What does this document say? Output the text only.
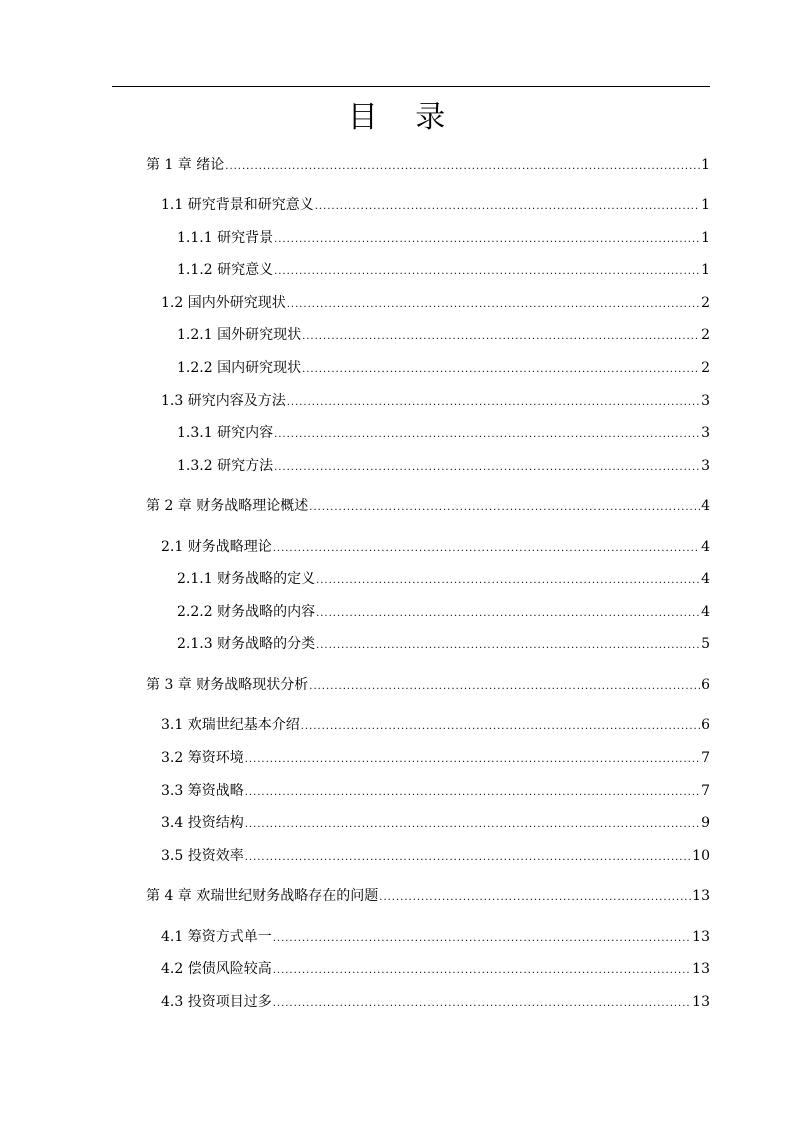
目 录
第 1 章 绪论 .....	1
1.1 研究背景和研究意义 .....	1
1.1.1 研究背景 .....	1
1.1.2 研究意义 .....	1
1.2 国内外研究现状 .....	2
1.2.1 国外研究现状 .....	2
1.2.2 国内研究现状 .....	2
1.3 研究内容及方法 .....	3
1.3.1 研究内容 .....	3
1.3.2 研究方法 .....	3
第 2 章 财务战略理论概述 .....	4
2.1 财务战略理论 .....	4
2.1.1 财务战略的定义 .....	4
2.2.2 财务战略的内容 .....	4
2.1.3 财务战略的分类 .....	5
第 3 章 财务战略现状分析 .....	6
3.1 欢瑞世纪基本介绍 .....	6
3.2 筹资环境 .....	7
3.3 筹资战略 .....	7
3.4 投资结构 .....	9
3.5 投资效率 .....	10
第 4 章 欢瑞世纪财务战略存在的问题 .....	13
4.1 筹资方式单一 .....	13
4.2 偿债风险较高 .....	13
4.3 投资项目过多 .....	13
